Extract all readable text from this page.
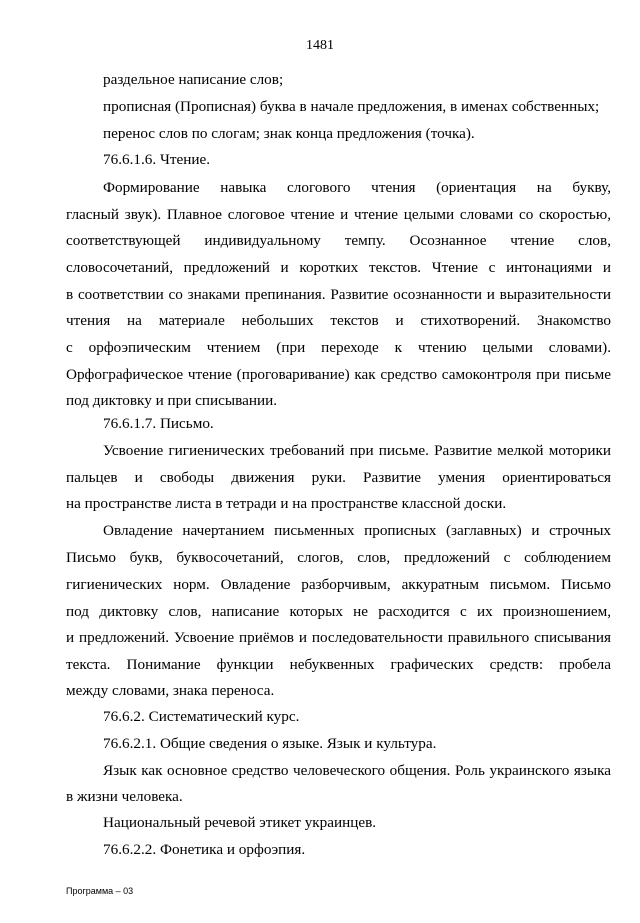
1481
раздельное написание слов;
прописная (Прописная) буква в начале предложения, в именах собственных;
перенос слов по слогам; знак конца предложения (точка).
76.6.1.6. Чтение.
Формирование навыка слогового чтения (ориентация на букву,
гласный звук). Плавное слоговое чтение и чтение целыми словами со скоростью,
соответствующей индивидуальному темпу. Осознанное чтение слов,
словосочетаний, предложений и коротких текстов. Чтение с интонациями и
в соответствии со знаками препинания. Развитие осознанности и выразительности
чтения на материале небольших текстов и стихотворений. Знакомство
с орфоэпическим чтением (при переходе к чтению целыми словами).
Орфографическое чтение (проговаривание) как средство самоконтроля при письме
под диктовку и при списывании.
76.6.1.7. Письмо.
Усвоение гигиенических требований при письме. Развитие мелкой моторики
пальцев и свободы движения руки. Развитие умения ориентироваться
на пространстве листа в тетради и на пространстве классной доски.
Овладение начертанием письменных прописных (заглавных) и строчных
Письмо букв, буквосочетаний, слогов, слов, предложений с соблюдением
гигиенических норм. Овладение разборчивым, аккуратным письмом. Письмо
под диктовку слов, написание которых не расходится с их произношением,
и предложений. Усвоение приёмов и последовательности правильного списывания
текста. Понимание функции небуквенных графических средств: пробела
между словами, знака переноса.
76.6.2. Систематический курс.
76.6.2.1. Общие сведения о языке. Язык и культура.
Язык как основное средство человеческого общения. Роль украинского языка
в жизни человека.
Национальный речевой этикет украинцев.
76.6.2.2. Фонетика и орфоэпия.
Программа – 03
